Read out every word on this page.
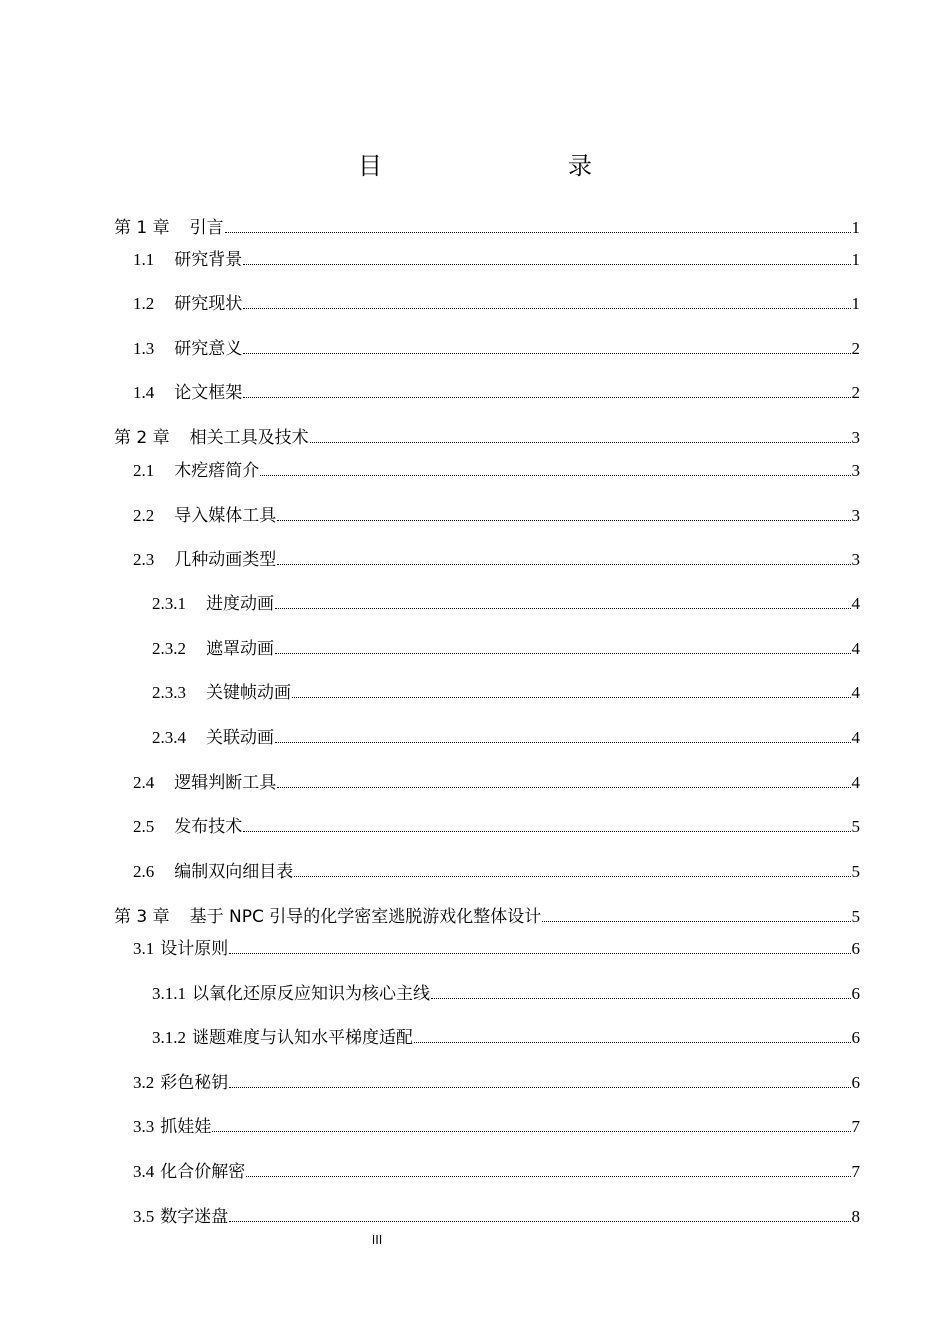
目　　录
第 1 章 引言	1
1.1 研究背景	1
1.2 研究现状	1
1.3 研究意义	2
1.4 论文框架	2
第 2 章 相关工具及技术	3
2.1 木疙瘩简介	3
2.2 导入媒体工具	3
2.3 几种动画类型	3
2.3.1 进度动画	4
2.3.2 遮罩动画	4
2.3.3 关键帧动画	4
2.3.4 关联动画	4
2.4 逻辑判断工具	4
2.5 发布技术	5
2.6 编制双向细目表	5
第 3 章 基于 NPC 引导的化学密室逃脱游戏化整体设计	5
3.1 设计原则	6
3.1.1 以氧化还原反应知识为核心主线	6
3.1.2 谜题难度与认知水平梯度适配	6
3.2 彩色秘钥	6
3.3 抓娃娃	7
3.4 化合价解密	7
3.5 数字迷盘	8
III
